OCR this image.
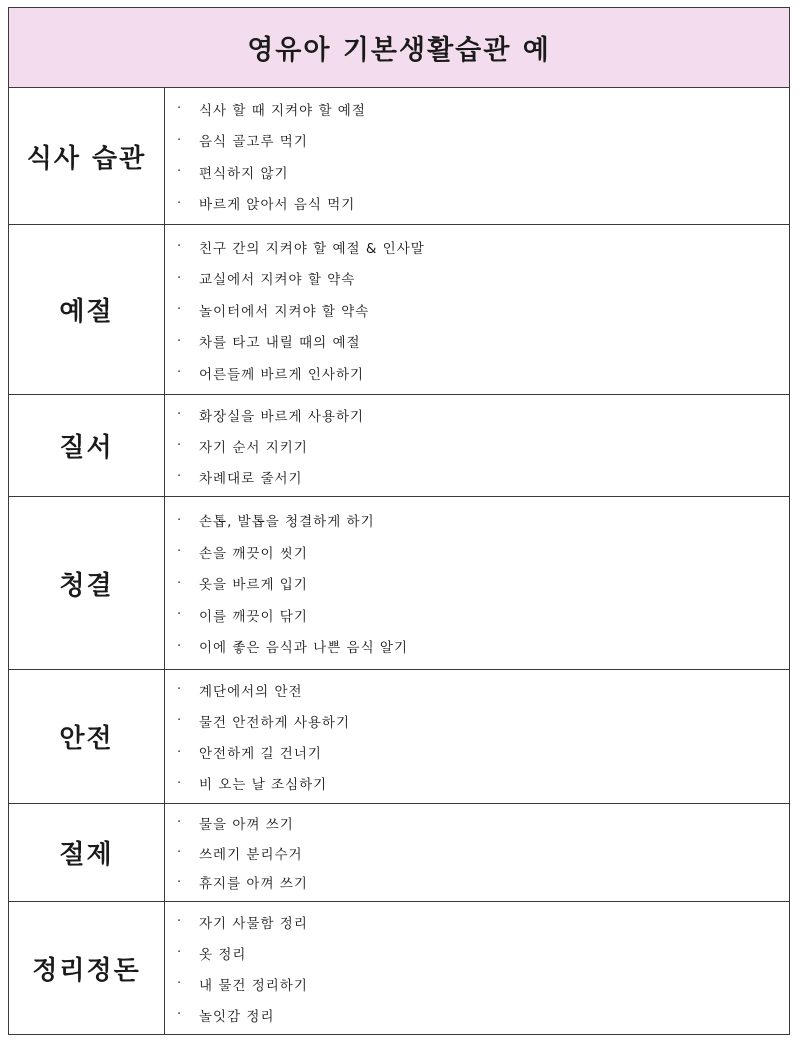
영유아 기본생활습관 예
식사 습관
·	식사 할 때 지켜야 할 예절
·	음식 골고루 먹기
·	편식하지 않기
·	바르게 앉아서 음식 먹기
예절
·	친구 간의 지켜야 할 예절 & 인사말
·	교실에서 지켜야 할 약속
·	놀이터에서 지켜야 할 약속
·	차를 타고 내릴 때의 예절
·	어른들께 바르게 인사하기
질서
·	화장실을 바르게 사용하기
·	자기 순서 지키기
·	차례대로 줄서기
청결
·	손톱, 발톱을 청결하게 하기
·	손을 깨끗이 씻기
·	옷을 바르게 입기
·	이를 깨끗이 닦기
·	이에 좋은 음식과 나쁜 음식 알기
안전
·	계단에서의 안전
·	물건 안전하게 사용하기
·	안전하게 길 건너기
·	비 오는 날 조심하기
절제
·	물을 아껴 쓰기
·	쓰레기 분리수거
·	휴지를 아껴 쓰기
정리정돈
·	자기 사물함 정리
·	옷 정리
·	내 물건 정리하기
·	놀잇감 정리
